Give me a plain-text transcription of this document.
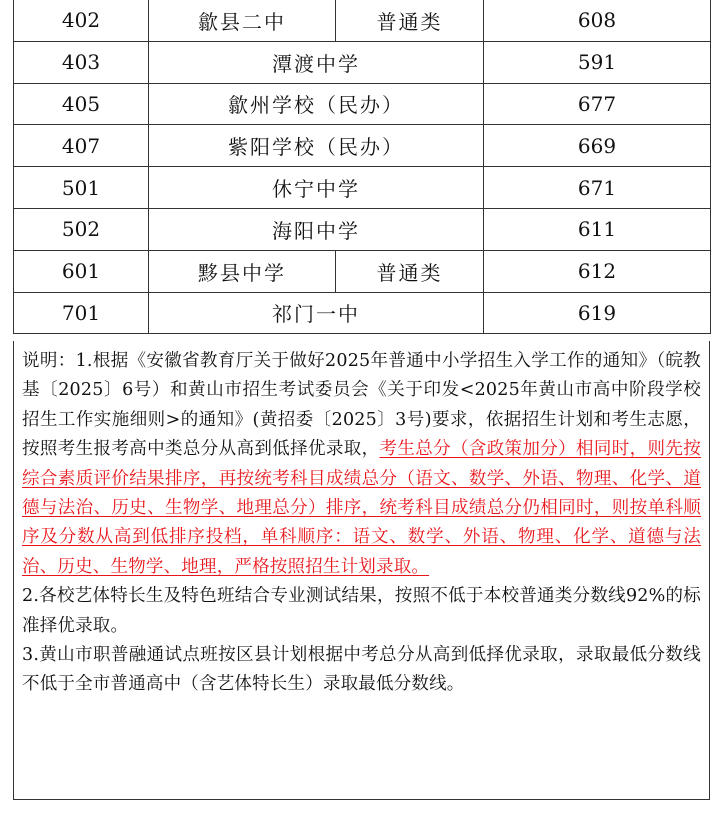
402	歙县二中	普通类	608
403	潭渡中学		591
405	歙州学校（民办）		677
407	紫阳学校（民办）		669
501	休宁中学		671
502	海阳中学		611
601	黟县中学	普通类	612
701	祁门一中		619

说明：1.根据《安徽省教育厅关于做好2025年普通中小学招生入学工作的通知》（皖教基〔2025〕6号）和黄山市招生考试委员会《关于印发<2025年黄山市高中阶段学校招生工作实施细则>的通知》(黄招委〔2025〕3号)要求，依据招生计划和考生志愿，按照考生报考高中类总分从高到低择优录取，考生总分（含政策加分）相同时，则先按综合素质评价结果排序，再按统考科目成绩总分（语文、数学、外语、物理、化学、道德与法治、历史、生物学、地理总分）排序，统考科目成绩总分仍相同时，则按单科顺序及分数从高到低排序投档，单科顺序：语文、数学、外语、物理、化学、道德与法治、历史、生物学、地理，严格按照招生计划录取。

2.各校艺体特长生及特色班结合专业测试结果，按照不低于本校普通类分数线92%的标准择优录取。

3.黄山市职普融通试点班按区县计划根据中考总分从高到低择优录取，录取最低分数线不低于全市普通高中（含艺体特长生）录取最低分数线。
